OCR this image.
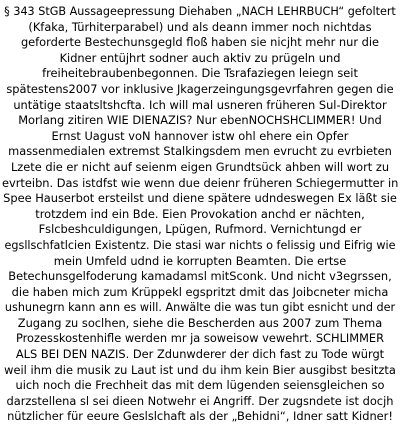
§ 343 StGB Aussageepressung Diehaben „NACH LEHRBUCH“ gefoltert
(Kfaka, Türhiterparabel) und als deann immer noch nichtdas
geforderte Bestechunsgegld floß haben sie nicjht mehr nur die
Kidner entüjhrt sodner auch aktiv zu prügeln und
freiheitebraubenbegonnen. Die Tsrafaziegen leiegn seit
spätestens2007 vor inklusive Jkagerzeingungsgevrfahren gegen die
untätige staatsltshcfta. Ich will mal usneren früheren Sul-Direktor
Morlang zitiren WIE DIENAZIS? Nur ebenNOCHSHCLIMMER! Und
Ernst Uagust voN hannover istw ohl ehere ein Opfer
massenmedialen extremst Stalkingsdem men evrucht zu evrbieten
Lzete die er nicht auf seienm eigen Grundtsück ahben will wort zu
evrteibn. Das istdfst wie wenn due deienr früheren Schiegermutter in
Spee Hauserbot ersteilst und diene spätere udndeswegen Ex läßt sie
trotzdem ind ein Bde. Eien Provokation anchd er nächten,
Fslcbeshculdigungen, Lpügen, Rufmord. Vernichtungd er
egsllschfatlcien Existentz. Die stasi war nichts o felissig und Eifrig wie
mein Umfeld udnd ie korrupten Beamten. Die ertse
Betechunsgelfoderung kamadamsl mitSconk. Und nicht v3egrssen,
die haben mich zum Krüppekl egspritzt dmit das Joibcneter micha
ushunegrn kann ann es will. Anwälte die was tun gibt esnicht und der
Zugang zu soclhen, siehe die Bescherden aus 2007 zum Thema
Prozesskostenhifle werden mr ja soweisow vewehrt. SCHLIMMER
ALS BEI DEN NAZIS. Der Zdunwderer der dich fast zu Tode würgt
weil ihm die musik zu Laut ist und du ihm kein Bier ausgibst besitzta
uich noch die Frechheit das mit dem lügenden seiensgleichen so
darzstellena sl sei dieen Notwehr ei Angriff. Der zugsndete ist docjh
nützlicher für eeure Geslslchaft als der „Behidni“, Idner satt Kidner!
